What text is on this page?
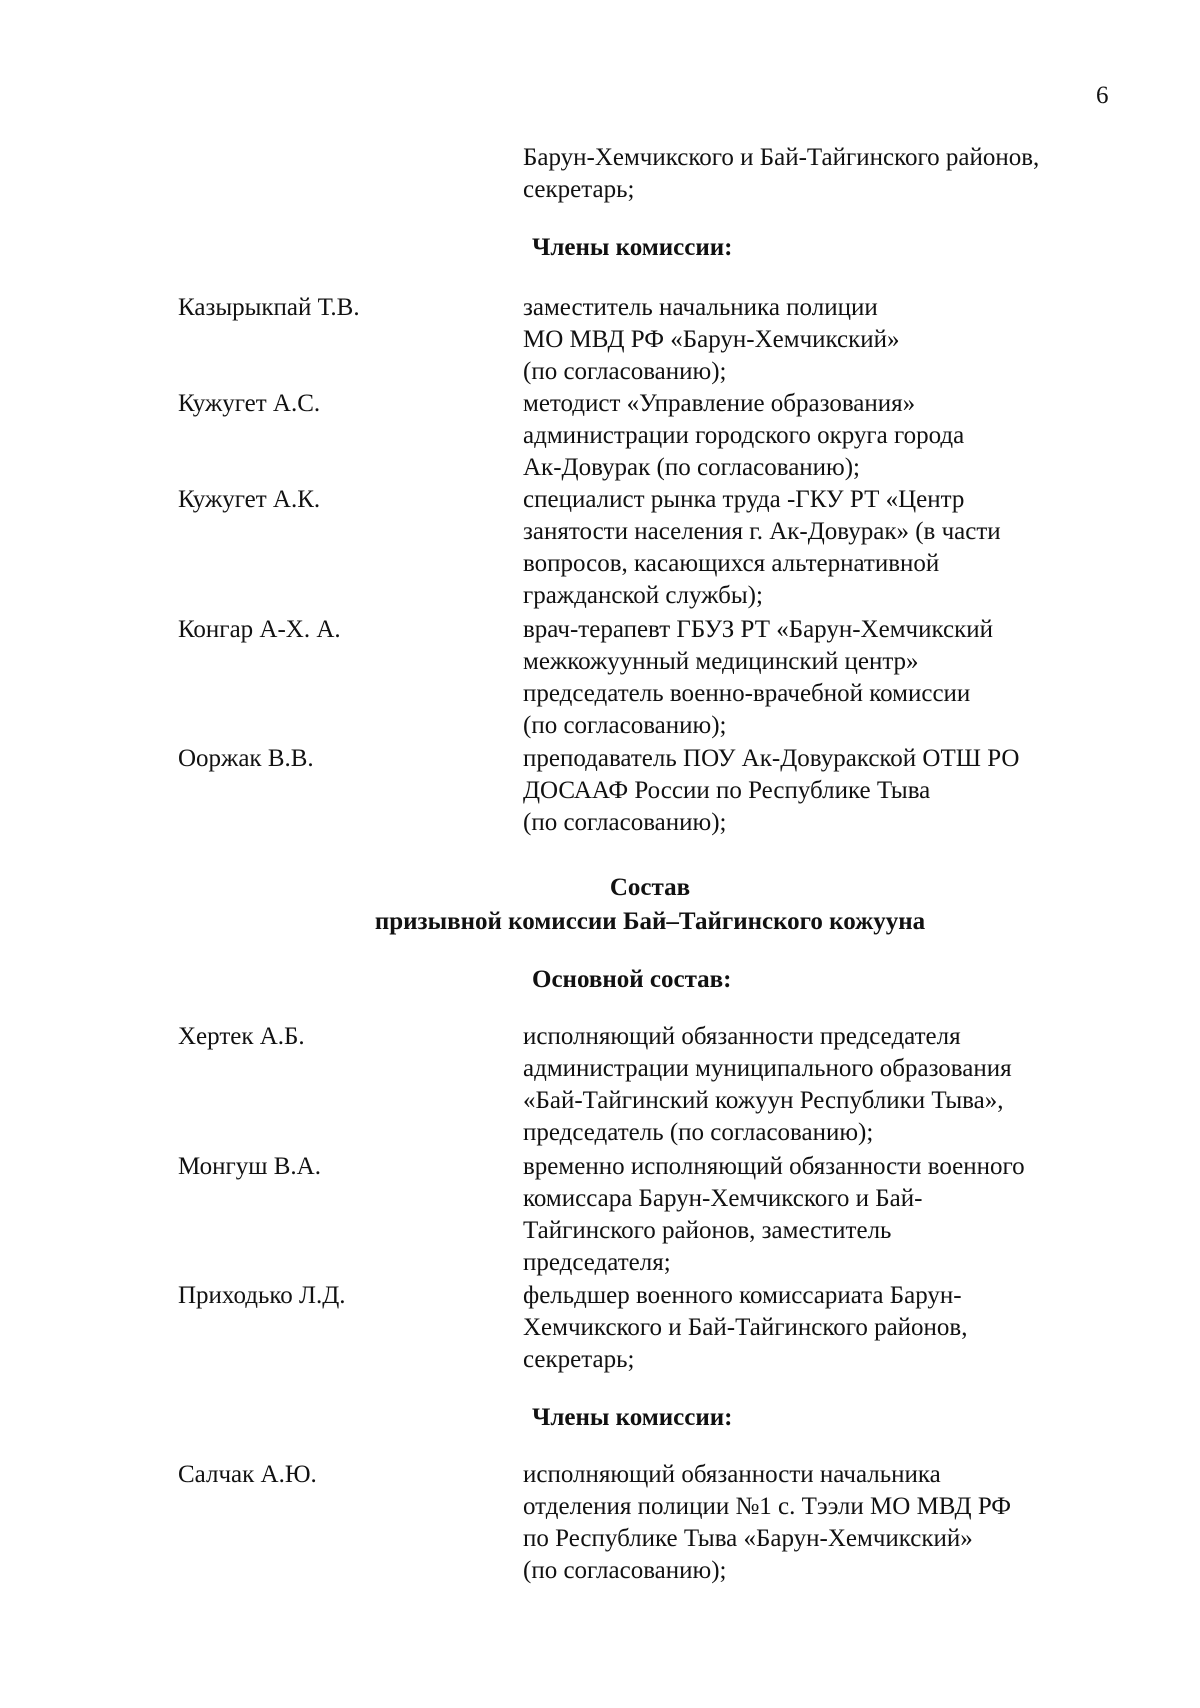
6
Барун-Хемчикского и Бай-Тайгинского районов,
секретарь;
Члены комиссии:
Казырыкпай Т.В.	заместитель начальника полиции
МО МВД РФ «Барун-Хемчикский»
(по согласованию);
Кужугет А.С.	методист «Управление образования»
администрации городского округа города
Ак-Довурак (по согласованию);
Кужугет А.К.	специалист рынка труда -ГКУ РТ «Центр
занятости населения г. Ак-Довурак» (в части
вопросов, касающихся альтернативной
гражданской службы);
Конгар А-Х. А.	врач-терапевт ГБУЗ РТ «Барун-Хемчикский
межкожуунный медицинский центр»
председатель военно-врачебной комиссии
(по согласованию);
Ооржак В.В.	преподаватель ПОУ Ак-Довуракской ОТШ РО
ДОСААФ России по Республике Тыва
(по согласованию);
Состав
призывной комиссии Бай–Тайгинского кожууна
Основной состав:
Хертек А.Б.	исполняющий обязанности председателя
администрации муниципального образования
«Бай-Тайгинский кожуун Республики Тыва»,
председатель (по согласованию);
Монгуш В.А.	временно исполняющий обязанности военного
комиссара Барун-Хемчикского и Бай-
Тайгинского районов, заместитель
председателя;
Приходько Л.Д.	фельдшер военного комиссариата Барун-
Хемчикского и Бай-Тайгинского районов,
секретарь;
Члены комиссии:
Салчак А.Ю.	исполняющий обязанности начальника
отделения полиции №1 с. Тээли МО МВД РФ
по Республике Тыва «Барун-Хемчикский»
(по согласованию);
